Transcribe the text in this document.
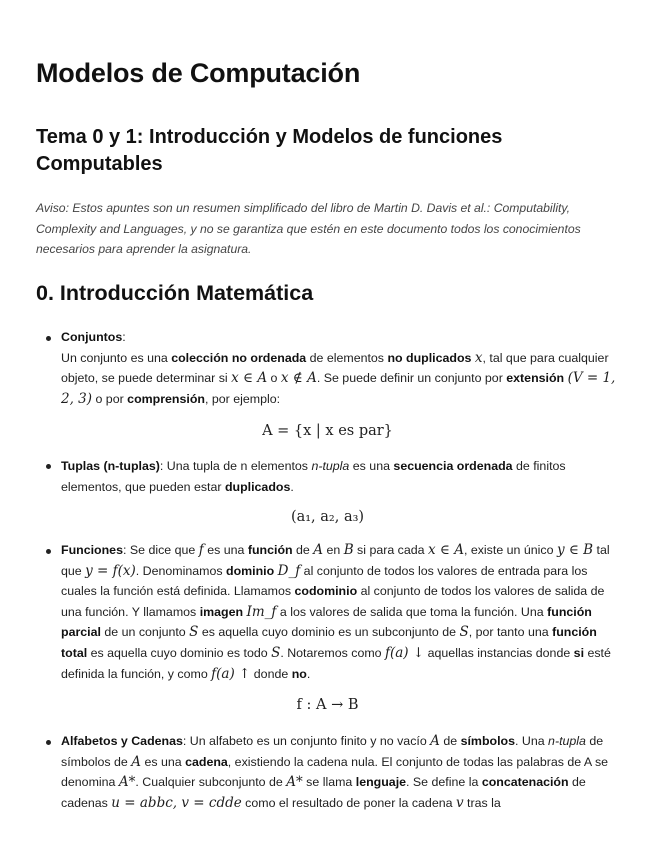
Modelos de Computación
Tema 0 y 1: Introducción y Modelos de funciones Computables

Aviso: Estos apuntes son un resumen simplificado del libro de Martin D. Davis et al.: Computability, Complexity and Languages, y no se garantiza que estén en este documento todos los conocimientos necesarios para aprender la asignatura.

0. Introducción Matemática

Conjuntos:

Un conjunto es una colección no ordenada de elementos no duplicados x, tal que para cualquier objeto, se puede determinar si x ∈ A o x ∉ A. Se puede definir un conjunto por extensión (V = 1, 2, 3) o por comprensión, por ejemplo:

A = {x | x es par}

Tuplas (n-tuplas): Una tupla de n elementos n-tupla es una secuencia ordenada de finitos elementos, que pueden estar duplicados.

(a₁, a₂, a₃)

Funciones: Se dice que f es una función de A en B si para cada x ∈ A, existe un único y ∈ B tal que y = f(x). Denominamos dominio D_f al conjunto de todos los valores de entrada para los cuales la función está definida. Llamamos codominio al conjunto de todos los valores de salida de una función. Y llamamos imagen Im_f a los valores de salida que toma la función. Una función parcial de un conjunto S es aquella cuyo dominio es un subconjunto de S, por tanto una función total es aquella cuyo dominio es todo S. Notaremos como f(a) ↓ aquellas instancias donde si esté definida la función, y como f(a) ↑ donde no.

f : A → B

Alfabetos y Cadenas: Un alfabeto es un conjunto finito y no vacío A de símbolos. Una n-tupla de símbolos de A es una cadena, existiendo la cadena nula. El conjunto de todas las palabras de A se denomina A*. Cualquier subconjunto de A* se llama lenguaje. Se define la concatenación de cadenas u = abbc, v = cdde como el resultado de poner la cadena v tras la
